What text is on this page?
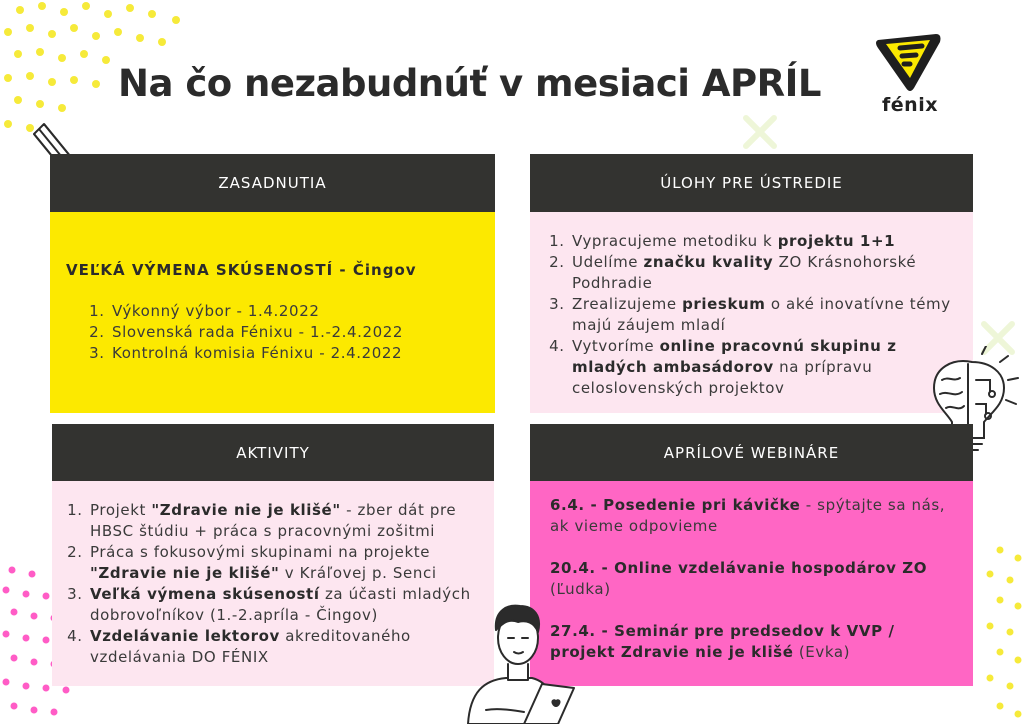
Na čo nezabudnúť v mesiaci APRÍL	fénix
ZASADNUTIA
VEĽKÁ VÝMENA SKÚSENOSTÍ - Čingov
1. Výkonný výbor - 1.4.2022
2. Slovenská rada Fénixu - 1.-2.4.2022
3. Kontrolná komisia Fénixu - 2.4.2022
ÚLOHY PRE ÚSTREDIE
1. Vypracujeme metodiku k projektu 1+1
2. Udelíme značku kvality ZO Krásnohorské Podhradie
3. Zrealizujeme prieskum o aké inovatívne témy majú záujem mladí
4. Vytvoríme online pracovnú skupinu z mladých ambasádorov na prípravu celoslovenských projektov
AKTIVITY
1. Projekt "Zdravie nie je klišé" - zber dát pre HBSC štúdiu + práca s pracovnými zošitmi
2. Práca s fokusovými skupinami na projekte "Zdravie nie je klišé" v Kráľovej p. Senci
3. Veľká výmena skúseností za účasti mladých dobrovoľníkov (1.-2.apríla - Čingov)
4. Vzdelávanie lektorov akreditovaného vzdelávania DO FÉNIX
APRÍLOVÉ WEBINÁRE

6.4. - Posedenie pri kávičke - spýtajte sa nás, ak vieme odpovieme

20.4. - Online vzdelávanie hospodárov ZO (Ľudka)

27.4. - Seminár pre predsedov k VVP / projekt Zdravie nie je klišé (Evka)
